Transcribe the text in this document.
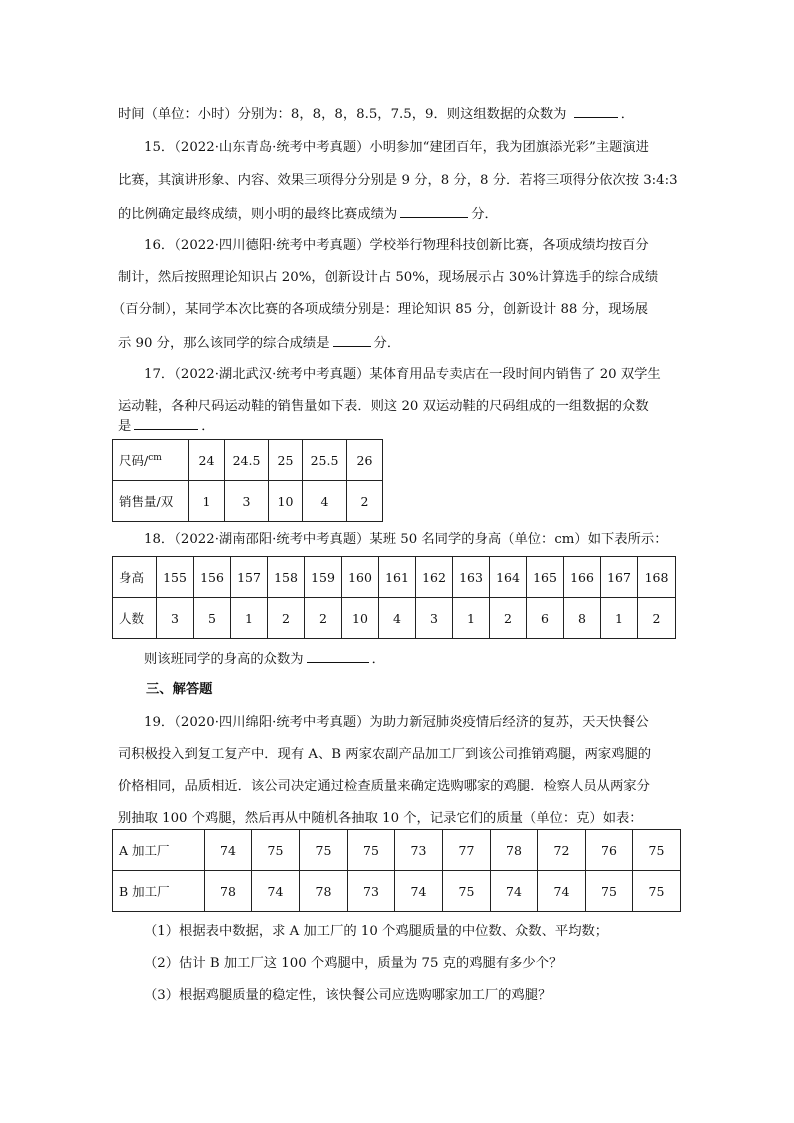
时间（单位：小时）分别为：8，8，8，8.5，7.5，9．则这组数据的众数为	．
15．（2022·山东青岛·统考中考真题）小明参加“建团百年，我为团旗添光彩”主题演进
比赛，其演讲形象、内容、效果三项得分分别是 9 分，8 分，8 分．若将三项得分依次按 3:4:3
的比例确定最终成绩，则小明的最终比赛成绩为	分．
16．（2022·四川德阳·统考中考真题）学校举行物理科技创新比赛，各项成绩均按百分
制计，然后按照理论知识占 20%，创新设计占 50%，现场展示占 30%计算选手的综合成绩
（百分制），某同学本次比赛的各项成绩分别是：理论知识 85 分，创新设计 88 分，现场展
示 90 分，那么该同学的综合成绩是	分．
17．（2022·湖北武汉·统考中考真题）某体育用品专卖店在一段时间内销售了 20 双学生
运动鞋，各种尺码运动鞋的销售量如下表．则这 20 双运动鞋的尺码组成的一组数据的众数
是	．
尺码/$^{cm}$	24	24.5	25	25.5	26
销售量/双	1	3	10	4	2
18．（2022·湖南邵阳·统考中考真题）某班 50 名同学的身高（单位：cm）如下表所示：
身高	155	156	157	158	159	160	161	162	163	164	165	166	167	168
人数	3	5	1	2	2	10	4	3	1	2	6	8	1	2
则该班同学的身高的众数为	．
三、解答题
19．（2020·四川绵阳·统考中考真题）为助力新冠肺炎疫情后经济的复苏，天天快餐公
司积极投入到复工复产中．现有 A、B 两家农副产品加工厂到该公司推销鸡腿，两家鸡腿的
价格相同，品质相近．该公司决定通过检查质量来确定选购哪家的鸡腿．检察人员从两家分
别抽取 100 个鸡腿，然后再从中随机各抽取 10 个，记录它们的质量（单位：克）如表：
A 加工厂	74	75	75	75	73	77	78	72	76	75
B 加工厂	78	74	78	73	74	75	74	74	75	75
（1）根据表中数据，求 A 加工厂的 10 个鸡腿质量的中位数、众数、平均数；
（2）估计 B 加工厂这 100 个鸡腿中，质量为 75 克的鸡腿有多少个？
（3）根据鸡腿质量的稳定性，该快餐公司应选购哪家加工厂的鸡腿？
